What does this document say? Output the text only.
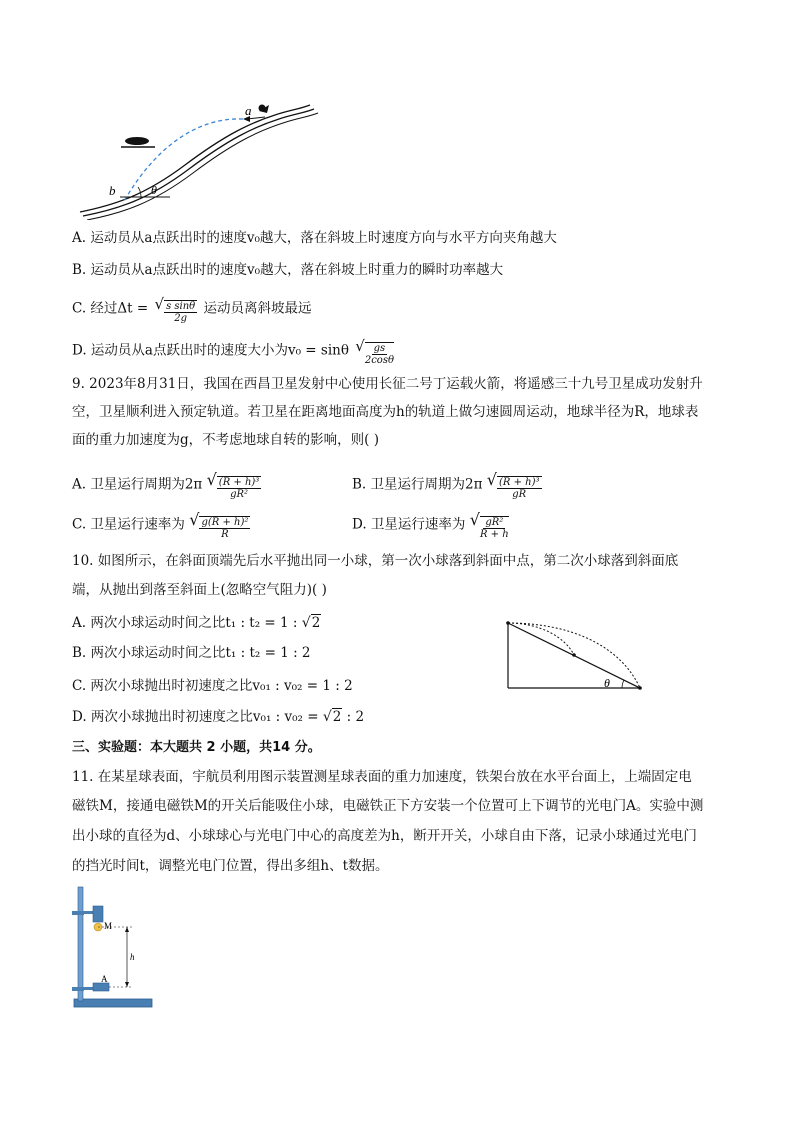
a
b	θ
A. 运动员从a点跃出时的速度v₀越大，落在斜坡上时速度方向与水平方向夹角越大
B. 运动员从a点跃出时的速度v₀越大，落在斜坡上时重力的瞬时功率越大
C. 经过Δt = √ $\frac{\text{s sinθ}}{2g}$ 运动员离斜坡最远
D. 运动员从a点跃出时的速度大小为v₀ = sinθ √ $\frac{gs}{2\cos\theta}$
9. 2023年8月31日，我国在西昌卫星发射中心使用长征二号丁运载火箭，将遥感三十九号卫星成功发射升
空，卫星顺利进入预定轨道。若卫星在距离地面高度为h的轨道上做匀速圆周运动，地球半径为R，地球表
面的重力加速度为g，不考虑地球自转的影响，则( )
A. 卫星运行周期为2π √ $\frac{\text{(R + h)³}}{\text{gR²}}$	B. 卫星运行周期为2π √ $\frac{\text{(R + h)³}}{gR}$
C. 卫星运行速率为 √ $\frac{\text{g(R + h)²}}{R}$	D. 卫星运行速率为 √ $\frac{\text{gR²}}{R + h}$
10. 如图所示，在斜面顶端先后水平抛出同一小球，第一次小球落到斜面中点，第二次小球落到斜面底
端，从抛出到落至斜面上(忽略空气阻力)( )
A. 两次小球运动时间之比t₁ : t₂ = 1 : √2
B. 两次小球运动时间之比t₁ : t₂ = 1 : 2
C. 两次小球抛出时初速度之比v₀₁ : v₀₂ = 1 : 2
D. 两次小球抛出时初速度之比v₀₁ : v₀₂ = √2 : 2
θ
三、实验题：本大题共 2 小题，共14 分。
11. 在某星球表面，宇航员利用图示装置测星球表面的重力加速度，铁架台放在水平台面上，上端固定电
磁铁M，接通电磁铁M的开关后能吸住小球，电磁铁正下方安装一个位置可上下调节的光电门A。实验中测
出小球的直径为d、小球球心与光电门中心的高度差为h，断开开关，小球自由下落，记录小球通过光电门
的挡光时间t，调整光电门位置，得出多组h、t数据。
M
A
h
